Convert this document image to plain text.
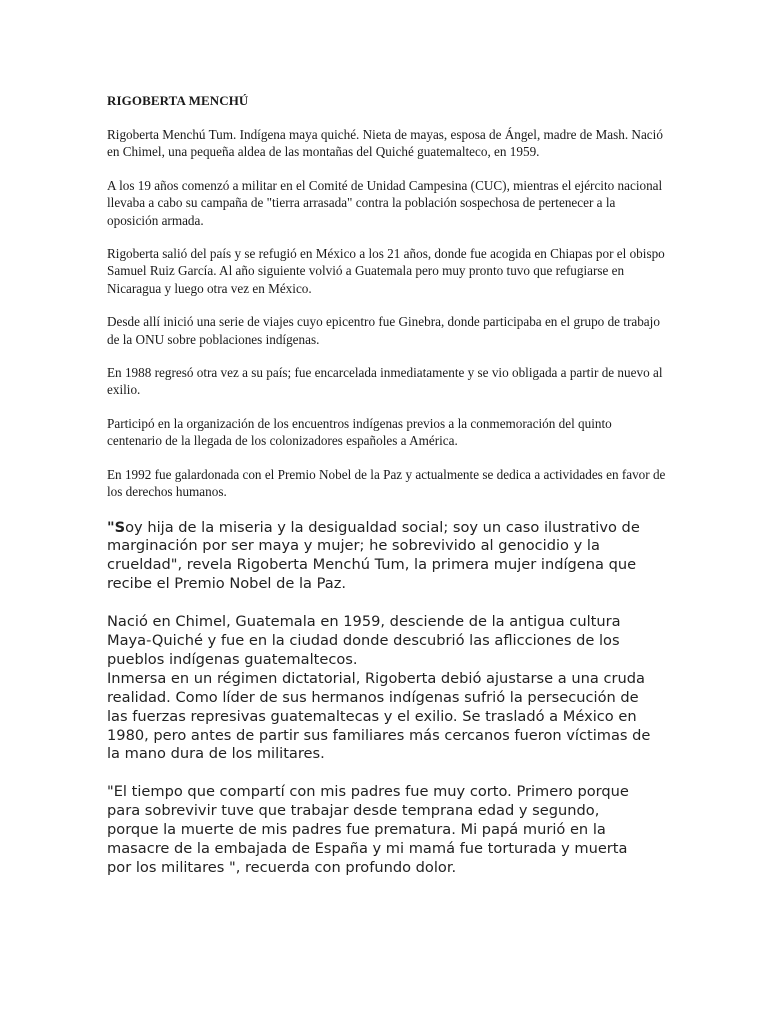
RIGOBERTA MENCHÚ

Rigoberta Menchú Tum. Indígena maya quiché. Nieta de mayas, esposa de Ángel, madre de Mash. Nació en Chimel, una pequeña aldea de las montañas del Quiché guatemalteco, en 1959.

A los 19 años comenzó a militar en el Comité de Unidad Campesina (CUC), mientras el ejército nacional llevaba a cabo su campaña de "tierra arrasada" contra la población sospechosa de pertenecer a la oposición armada.

Rigoberta salió del país y se refugió en México a los 21 años, donde fue acogida en Chiapas por el obispo Samuel Ruiz García. Al año siguiente volvió a Guatemala pero muy pronto tuvo que refugiarse en Nicaragua y luego otra vez en México.

Desde allí inició una serie de viajes cuyo epicentro fue Ginebra, donde participaba en el grupo de trabajo de la ONU sobre poblaciones indígenas.

En 1988 regresó otra vez a su país; fue encarcelada inmediatamente y se vio obligada a partir de nuevo al exilio.

Participó en la organización de los encuentros indígenas previos a la conmemoración del quinto centenario de la llegada de los colonizadores españoles a América.

En 1992 fue galardonada con el Premio Nobel de la Paz y actualmente se dedica a actividades en favor de los derechos humanos.

"Soy hija de la miseria y la desigualdad social; soy un caso ilustrativo de marginación por ser maya y mujer; he sobrevivido al genocidio y la crueldad", revela Rigoberta Menchú Tum, la primera mujer indígena que recibe el Premio Nobel de la Paz.

Nació en Chimel, Guatemala en 1959, desciende de la antigua cultura Maya-Quiché y fue en la ciudad donde descubrió las aflicciones de los pueblos indígenas guatemaltecos.

Inmersa en un régimen dictatorial, Rigoberta debió ajustarse a una cruda realidad. Como líder de sus hermanos indígenas sufrió la persecución de las fuerzas represivas guatemaltecas y el exilio. Se trasladó a México en 1980, pero antes de partir sus familiares más cercanos fueron víctimas de la mano dura de los militares.

"El tiempo que compartí con mis padres fue muy corto. Primero porque para sobrevivir tuve que trabajar desde temprana edad y segundo, porque la muerte de mis padres fue prematura. Mi papá murió en la masacre de la embajada de España y mi mamá fue torturada y muerta por los militares ", recuerda con profundo dolor.
